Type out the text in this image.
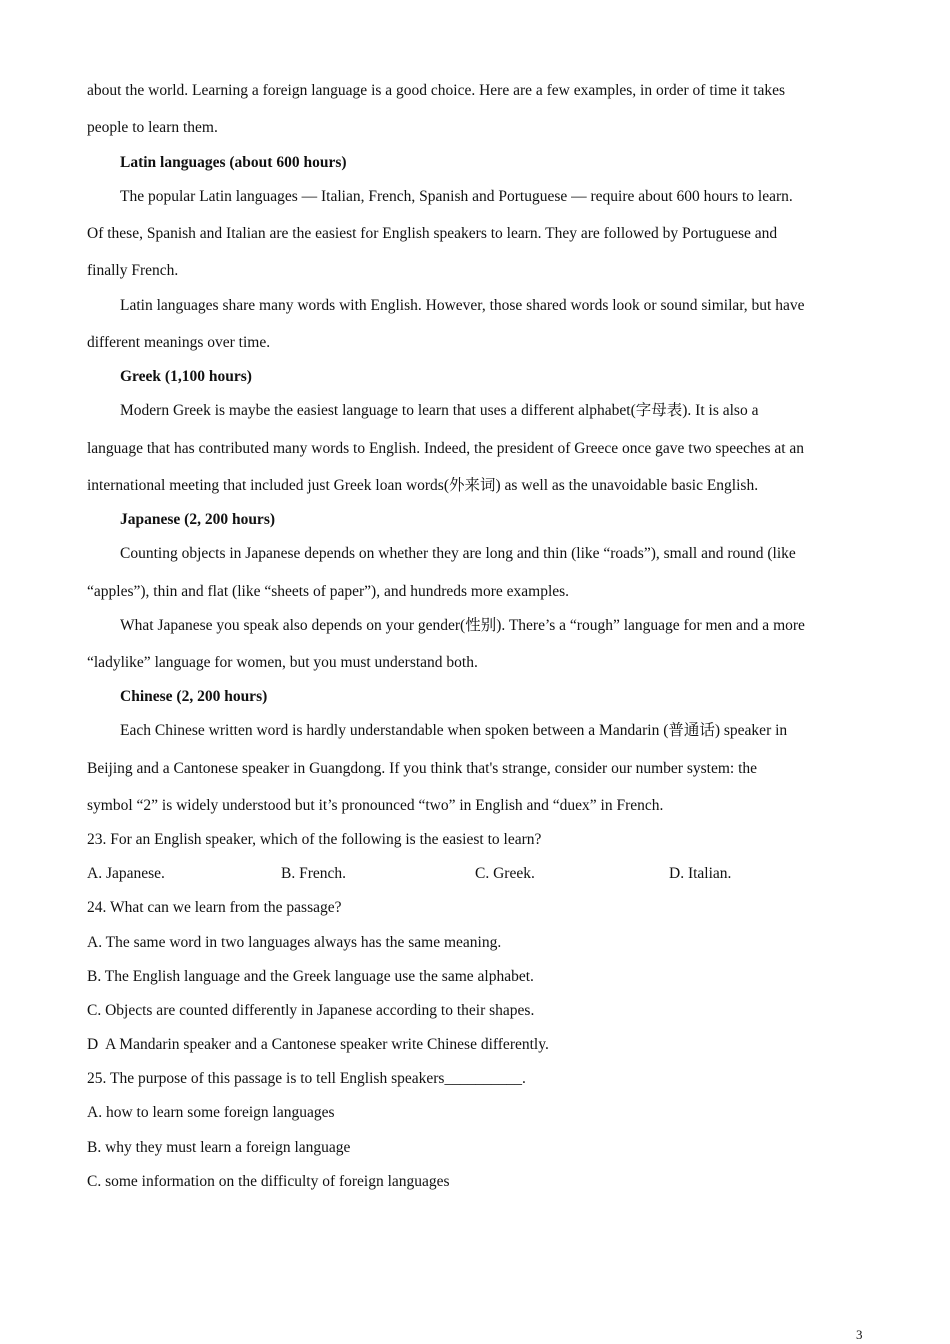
about the world. Learning a foreign language is a good choice. Here are a few examples, in order of time it takes
people to learn them.
Latin languages (about 600 hours)
The popular Latin languages — Italian, French, Spanish and Portuguese — require about 600 hours to learn.
Of these, Spanish and Italian are the easiest for English speakers to learn. They are followed by Portuguese and
finally French.
Latin languages share many words with English. However, those shared words look or sound similar, but have
different meanings over time.
Greek (1,100 hours)
Modern Greek is maybe the easiest language to learn that uses a different alphabet(字母表). It is also a
language that has contributed many words to English. Indeed, the president of Greece once gave two speeches at an
international meeting that included just Greek loan words(外来词) as well as the unavoidable basic English.
Japanese (2, 200 hours)
Counting objects in Japanese depends on whether they are long and thin (like “roads”), small and round (like
“apples”), thin and flat (like “sheets of paper”), and hundreds more examples.
What Japanese you speak also depends on your gender(性别). There’s a “rough” language for men and a more
“ladylike” language for women, but you must understand both.
Chinese (2, 200 hours)
Each Chinese written word is hardly understandable when spoken between a Mandarin (普通话) speaker in
Beijing and a Cantonese speaker in Guangdong. If you think that's strange, consider our number system: the
symbol “2” is widely understood but it’s pronounced “two” in English and “duex” in French.
23. For an English speaker, which of the following is the easiest to learn?
A. Japanese.	B. French.	C. Greek.	D. Italian.
24. What can we learn from the passage?
A. The same word in two languages always has the same meaning.
B. The English language and the Greek language use the same alphabet.
C. Objects are counted differently in Japanese according to their shapes.
D  A Mandarin speaker and a Cantonese speaker write Chinese differently.
25. The purpose of this passage is to tell English speakers__________.
A. how to learn some foreign languages
B. why they must learn a foreign language
C. some information on the difficulty of foreign languages
3
